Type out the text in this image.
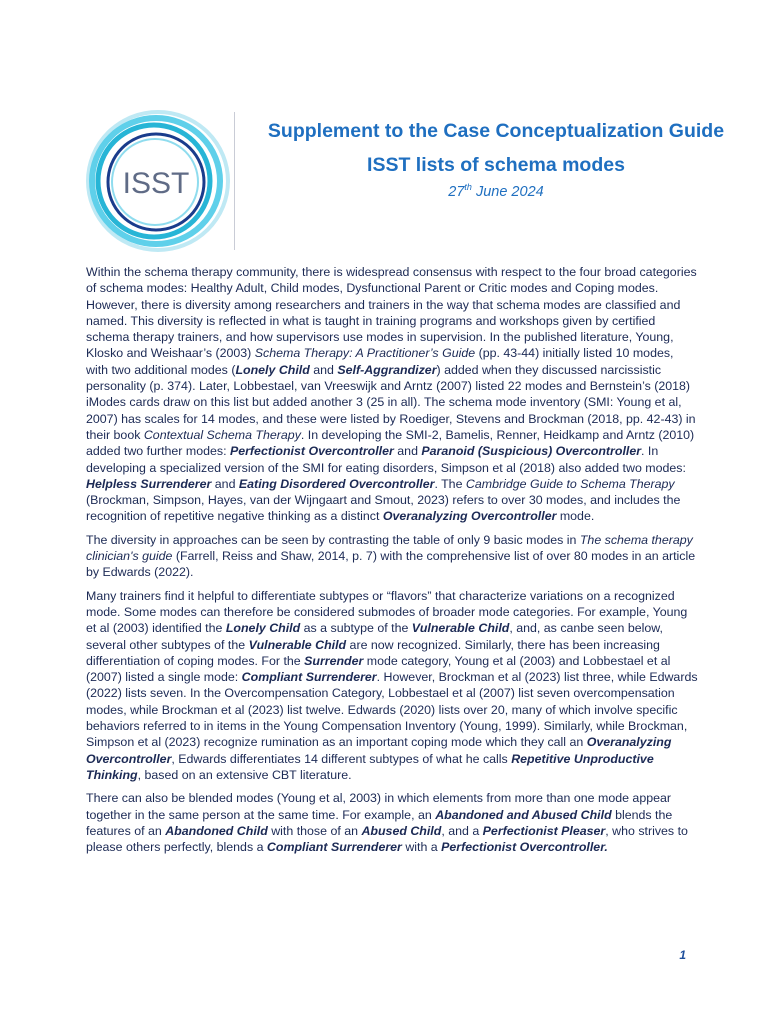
ISST
Supplement to the Case Conceptualization Guide
ISST lists of schema modes
27th June 2024

Within the schema therapy community, there is widespread consensus with respect to the four broad categories of schema modes: Healthy Adult, Child modes, Dysfunctional Parent or Critic modes and Coping modes. However, there is diversity among researchers and trainers in the way that schema modes are classified and named. This diversity is reflected in what is taught in training programs and workshops given by certified schema therapy trainers, and how supervisors use modes in supervision. In the published literature, Young, Klosko and Weishaar’s (2003) Schema Therapy: A Practitioner’s Guide (pp. 43-44) initially listed 10 modes, with two additional modes (Lonely Child and Self-Aggrandizer) added when they discussed narcissistic personality (p. 374). Later, Lobbestael, van Vreeswijk and Arntz (2007) listed 22 modes and Bernstein’s (2018) iModes cards draw on this list but added another 3 (25 in all). The schema mode inventory (SMI: Young et al, 2007) has scales for 14 modes, and these were listed by Roediger, Stevens and Brockman (2018, pp. 42-43) in their book Contextual Schema Therapy. In developing the SMI-2, Bamelis, Renner, Heidkamp and Arntz (2010) added two further modes: Perfectionist Overcontroller and Paranoid (Suspicious) Overcontroller. In developing a specialized version of the SMI for eating disorders, Simpson et al (2018) also added two modes: Helpless Surrenderer and Eating Disordered Overcontroller. The Cambridge Guide to Schema Therapy (Brockman, Simpson, Hayes, van der Wijngaart and Smout, 2023) refers to over 30 modes, and includes the recognition of repetitive negative thinking as a distinct Overanalyzing Overcontroller mode.

The diversity in approaches can be seen by contrasting the table of only 9 basic modes in The schema therapy clinician's guide (Farrell, Reiss and Shaw, 2014, p. 7) with the comprehensive list of over 80 modes in an article by Edwards (2022).

Many trainers find it helpful to differentiate subtypes or “flavors” that characterize variations on a recognized mode. Some modes can therefore be considered submodes of broader mode categories. For example, Young et al (2003) identified the Lonely Child as a subtype of the Vulnerable Child, and, as canbe seen below, several other subtypes of the Vulnerable Child are now recognized. Similarly, there has been increasing differentiation of coping modes. For the Surrender mode category, Young et al (2003) and Lobbestael et al (2007) listed a single mode: Compliant Surrenderer. However, Brockman et al (2023) list three, while Edwards (2022) lists seven. In the Overcompensation Category, Lobbestael et al (2007) list seven overcompensation modes, while Brockman et al (2023) list twelve. Edwards (2020) lists over 20, many of which involve specific behaviors referred to in items in the Young Compensation Inventory (Young, 1999). Similarly, while Brockman, Simpson et al (2023) recognize rumination as an important coping mode which they call an Overanalyzing Overcontroller, Edwards differentiates 14 different subtypes of what he calls Repetitive Unproductive Thinking, based on an extensive CBT literature.

There can also be blended modes (Young et al, 2003) in which elements from more than one mode appear together in the same person at the same time. For example, an Abandoned and Abused Child blends the features of an Abandoned Child with those of an Abused Child, and a Perfectionist Pleaser, who strives to please others perfectly, blends a Compliant Surrenderer with a Perfectionist Overcontroller.

1
